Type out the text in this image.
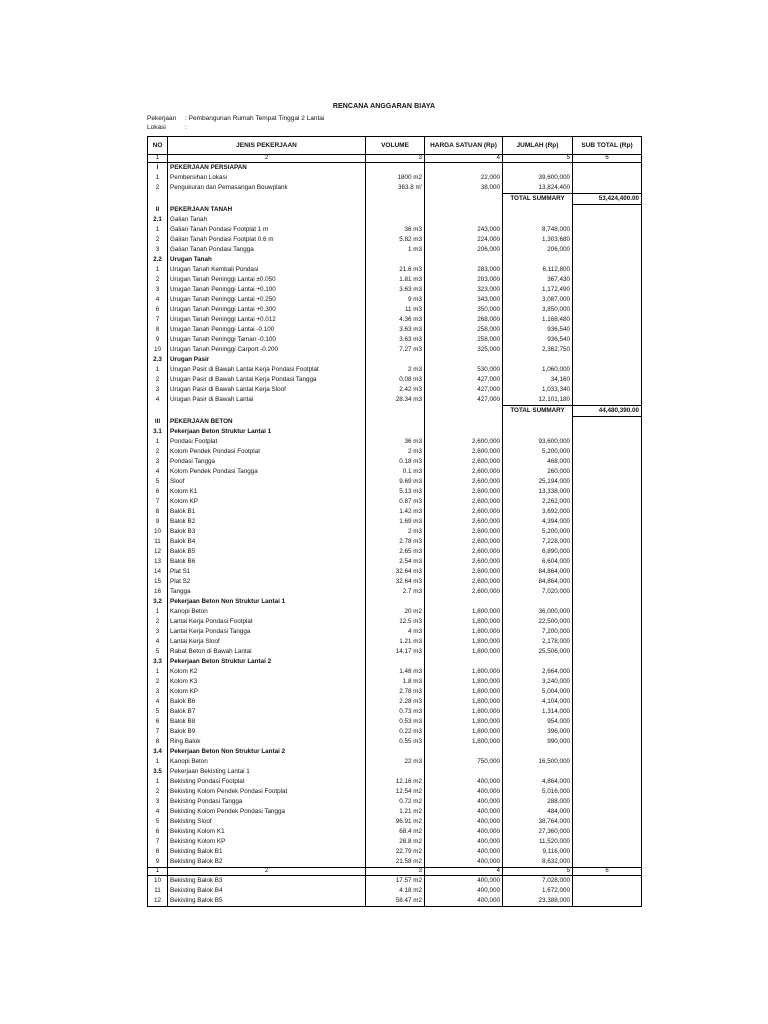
RENCANA ANGGARAN BIAYA
Pekerjaan : Pembangunan Rumah Tempat Tinggal 2 Lantai
Lokasi	:
NO	JENIS PEKERJAAN	VOLUME	HARGA SATUAN (Rp)	JUMLAH (Rp)	SUB TOTAL (Rp)
1	2	3	4	5	6
I	PEKERJAAN PERSIAPAN				
1	Pembersihan Lokasi	1800 m2	22,000	39,600,000	
2	Pengukuran dan Pemasangan Bouwplank	363.8 m'	38,000	13,824,400	
				TOTAL SUMMARY	53,424,400.00
II	PEKERJAAN TANAH				
2.1	Galian Tanah				
1	Galian Tanah Pondasi Footplat 1 m	36 m3	243,000	8,748,000	
2	Galian Tanah Pondasi Footplat 0.6 m	5.82 m3	224,000	1,303,680	
3	Galian Tanah Pondasi Tangga	1 m3	206,000	206,000	
2.2	Urugan Tanah				
1	Urugan Tanah Kembali Pondasi	21.6 m3	283,000	6,112,800	
2	Urugan Tanah Peninggi Lantai ±0.050	1.81 m3	203,000	367,430	
3	Urugan Tanah Peninggi Lantai +0.100	3.63 m3	323,000	1,172,490	
4	Urugan Tanah Peninggi Lantai +0.250	9 m3	343,000	3,087,000	
6	Urugan Tanah Peninggi Lantai +0.300	11 m3	350,000	3,850,000	
7	Urugan Tanah Peninggi Lantai +0.012	4.36 m3	268,000	1,168,480	
8	Urugan Tanah Peninggi Lantai -0.100	3.63 m3	258,000	936,540	
9	Urugan Tanah Peninggi Taman -0.100	3.63 m3	258,000	936,540	
10	Urugan Tanah Peninggi Carport -0.200	7.27 m3	325,000	2,362,750	
2.3	Urugan Pasir				
1	Urugan Pasir di Bawah Lantai Kerja Pondasi Footplat	2 m3	530,000	1,060,000	
2	Urugan Pasir di Bawah Lantai Kerja Pondasi Tangga	0.08 m3	427,000	34,160	
3	Urugan Pasir di Bawah Lantai Kerja Sloof	2.42 m3	427,000	1,033,340	
4	Urugan Pasir di Bawah Lantai	28.34 m3	427,000	12,101,180	
				TOTAL SUMMARY	44,480,390.00
III	PEKERJAAN BETON				
3.1	Pekerjaan Beton Struktur Lantai 1				
1	Pondasi Footplat	36 m3	2,600,000	93,600,000	
2	Kolom Pendek Pondasi Footplat	2 m3	2,600,000	5,200,000	
3	Pondasi Tangga	0.18 m3	2,600,000	468,000	
4	Kolom Pendek Pondasi Tangga	0.1 m3	2,600,000	260,000	
5	Sloof	9.69 m3	2,600,000	25,194,000	
6	Kolom K1	5.13 m3	2,600,000	13,338,000	
7	Kolom KP	0.87 m3	2,600,000	2,262,000	
8	Balok B1	1.42 m3	2,600,000	3,692,000	
9	Balok B2	1.69 m3	2,600,000	4,394,000	
10	Balok B3	2 m3	2,600,000	5,200,000	
11	Balok B4	2.78 m3	2,600,000	7,228,000	
12	Balok B5	2.65 m3	2,600,000	6,890,000	
13	Balok B6	2.54 m3	2,600,000	6,604,000	
14	Plat S1	32.64 m3	2,600,000	84,864,000	
15	Plat S2	32.64 m3	2,600,000	84,864,000	
16	Tangga	2.7 m3	2,600,000	7,020,000	
3.2	Pekerjaan Beton Non Struktur Lantai 1				
1	Kanopi Beton	20 m2	1,800,000	36,000,000	
2	Lantai Kerja Pondasi Footplat	12.5 m3	1,800,000	22,500,000	
3	Lantai Kerja Pondasi Tangga	4 m3	1,800,000	7,200,000	
4	Lantai Kerja Sloof	1.21 m3	1,800,000	2,178,000	
5	Rabat Beton di Bawah Lantai	14.17 m3	1,800,000	25,506,000	
3.3	Pekerjaan Beton Struktur Lantai 2				
1	Kolom K2	1.48 m3	1,800,000	2,664,000	
2	Kolom K3	1.8 m3	1,800,000	3,240,000	
3	Kolom KP	2.78 m3	1,800,000	5,004,000	
4	Balok B6	2.28 m3	1,800,000	4,104,000	
5	Balok B7	0.73 m3	1,800,000	1,314,000	
6	Balok B8	0.53 m3	1,800,000	954,000	
7	Balok B9	0.22 m3	1,800,000	396,000	
8	Ring Balok	0.55 m3	1,800,000	990,000	
3.4	Pekerjaan Beton Non Struktur Lantai 2				
1	Kanopi Beton	22 m3	750,000	16,500,000	
3.5	Pekerjaan Bekisting Lantai 1				
1	Bekisting Pondasi Footplat	12.16 m2	400,000	4,864,000	
2	Bekisting Kolom Pendek Pondasi Footplat	12.54 m2	400,000	5,016,000	
3	Bekisting Pondasi Tangga	0.72 m2	400,000	288,000	
4	Bekisting Kolom Pendek Pondasi Tangga	1.21 m2	400,000	484,000	
5	Bekisting Sloof	96.91 m2	400,000	38,764,000	
6	Bekisting Kolom K1	68.4 m2	400,000	27,360,000	
7	Bekisting Kolom KP	28.8 m2	400,000	11,520,000	
8	Bekisting Balok B1	22.79 m2	400,000	9,116,000	
9	Bekisting Balok B2	21.58 m2	400,000	8,632,000	
1	2	3	4	5	6
10	Bekisting Balok B3	17.57 m2	400,000	7,028,000	
11	Bekisting Balok B4	4.18 m2	400,000	1,672,000	
12	Bekisting Balok B5	58.47 m2	400,000	23,388,000	
